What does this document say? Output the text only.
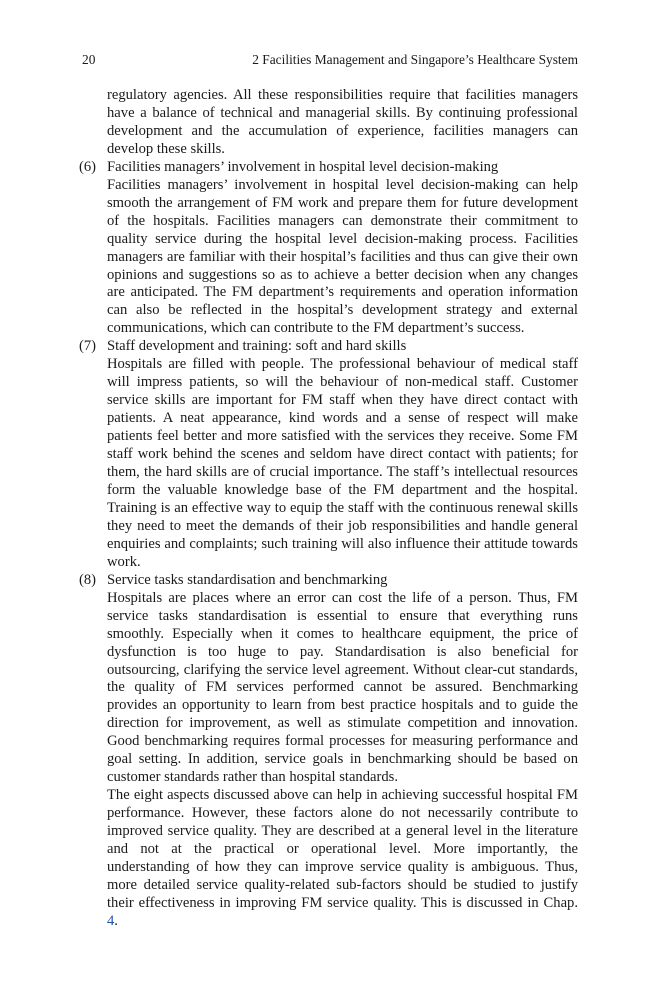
20	2 Facilities Management and Singapore’s Healthcare System

regulatory agencies. All these responsibilities require that facilities managers have a balance of technical and managerial skills. By continuing professional development and the accumulation of experience, facilities managers can develop these skills.

(6) Facilities managers’ involvement in hospital level decision-making

Facilities managers’ involvement in hospital level decision-making can help smooth the arrangement of FM work and prepare them for future development of the hospitals. Facilities managers can demonstrate their commitment to quality service during the hospital level decision-making process. Facilities managers are familiar with their hospital’s facilities and thus can give their own opinions and suggestions so as to achieve a better decision when any changes are anticipated. The FM department’s requirements and operation information can also be reflected in the hospital’s development strategy and external communications, which can contribute to the FM department’s success.

(7) Staff development and training: soft and hard skills

Hospitals are filled with people. The professional behaviour of medical staff will impress patients, so will the behaviour of non-medical staff. Customer service skills are important for FM staff when they have direct contact with patients. A neat appearance, kind words and a sense of respect will make patients feel better and more satisfied with the services they receive. Some FM staff work behind the scenes and seldom have direct contact with patients; for them, the hard skills are of crucial importance. The staff’s intellectual resources form the valuable knowledge base of the FM department and the hospital. Training is an effective way to equip the staff with the continuous renewal skills they need to meet the demands of their job responsibilities and handle general enquiries and complaints; such training will also influence their attitude towards work.

(8) Service tasks standardisation and benchmarking

Hospitals are places where an error can cost the life of a person. Thus, FM service tasks standardisation is essential to ensure that everything runs smoothly. Especially when it comes to healthcare equipment, the price of dysfunction is too huge to pay. Standardisation is also beneficial for outsourcing, clarifying the service level agreement. Without clear-cut standards, the quality of FM services performed cannot be assured. Benchmarking provides an opportunity to learn from best practice hospitals and to guide the direction for improvement, as well as stimulate competition and innovation. Good benchmarking requires formal processes for measuring performance and goal setting. In addition, service goals in benchmarking should be based on customer standards rather than hospital standards.

The eight aspects discussed above can help in achieving successful hospital FM performance. However, these factors alone do not necessarily contribute to improved service quality. They are described at a general level in the literature and not at the practical or operational level. More importantly, the understanding of how they can improve service quality is ambiguous. Thus, more detailed service quality-related sub-factors should be studied to justify their effectiveness in improving FM service quality. This is discussed in Chap. 4.
